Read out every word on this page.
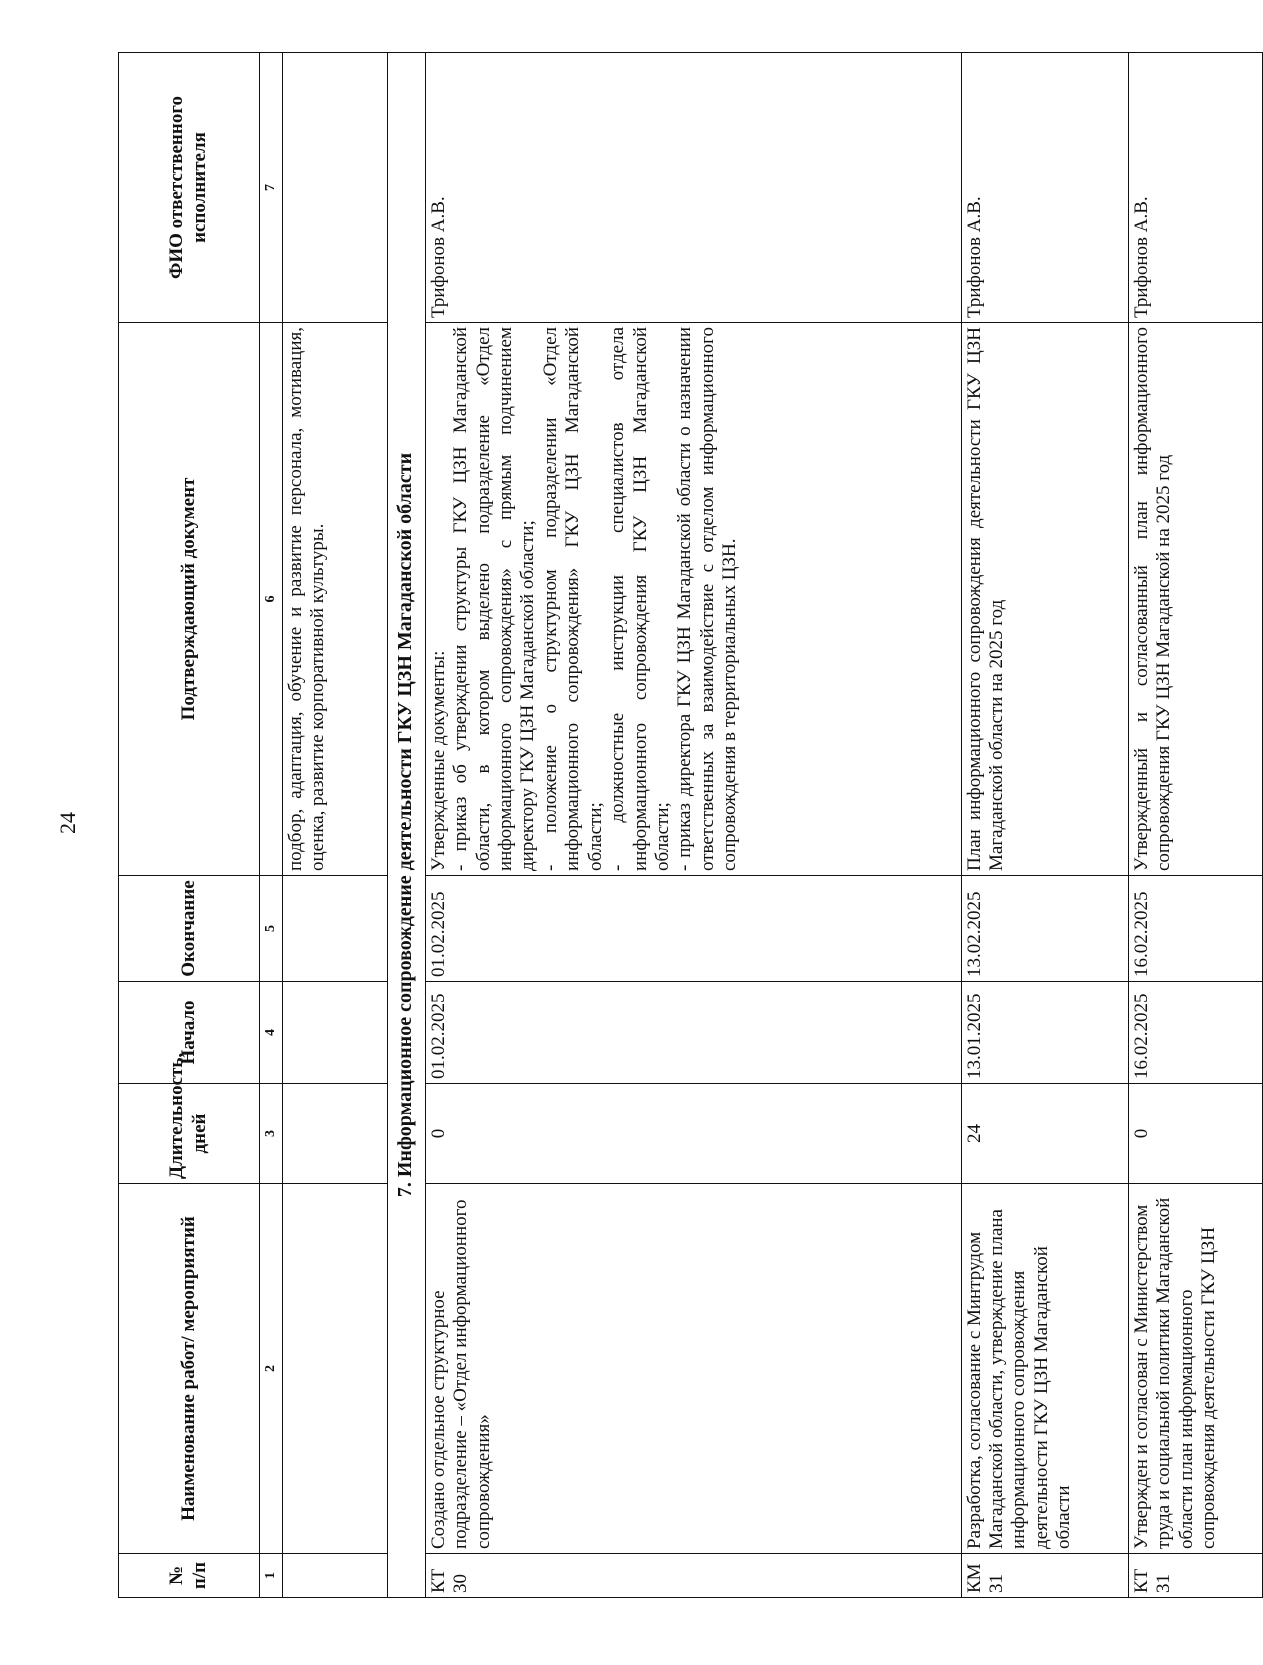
24
№ п/п	Наименование работ/ мероприятий	Длительность, дней	Начало	Окончание	Подтверждающий документ	ФИО ответственного исполнителя
1	2	3	4	5	6	7
					подбор, адаптация, обучение и развитие персонала, мотивация, оценка, развитие корпоративной культуры.	
7. Информационное сопровождение деятельности ГКУ ЦЗН Магаданской области						
КТ 30	Создано отдельное структурное подразделение – «Отдел информационного сопровождения»	0	01.02.2025	01.02.2025	Утвержденные документы: - приказ об утверждении структуры ГКУ ЦЗН Магаданской области, в котором выделено подразделение «Отдел информационного сопровождения» с прямым подчинением директору ГКУ ЦЗН Магаданской области; - положение о структурном подразделении «Отдел информационного сопровождения» ГКУ ЦЗН Магаданской области; - должностные инструкции специалистов отдела информационного сопровождения ГКУ ЦЗН Магаданской области; - приказ директора ГКУ ЦЗН Магаданской области о назначении ответственных за взаимодействие с отделом информационного сопровождения в территориальных ЦЗН.	Трифонов А.В.
КМ 31	Разработка, согласование с Минтрудом Магаданской области, утверждение плана информационного сопровождения деятельности ГКУ ЦЗН Магаданской области	24	13.01.2025	13.02.2025	План информационного сопровождения деятельности ГКУ ЦЗН Магаданской области на 2025 год	Трифонов А.В.
КТ 31	Утвержден и согласован с Министерством труда и социальной политики Магаданской области план информационного сопровождения деятельности ГКУ ЦЗН	0	16.02.2025	16.02.2025	Утвержденный и согласованный план информационного сопровождения ГКУ ЦЗН Магаданской на 2025 год	Трифонов А.В.
